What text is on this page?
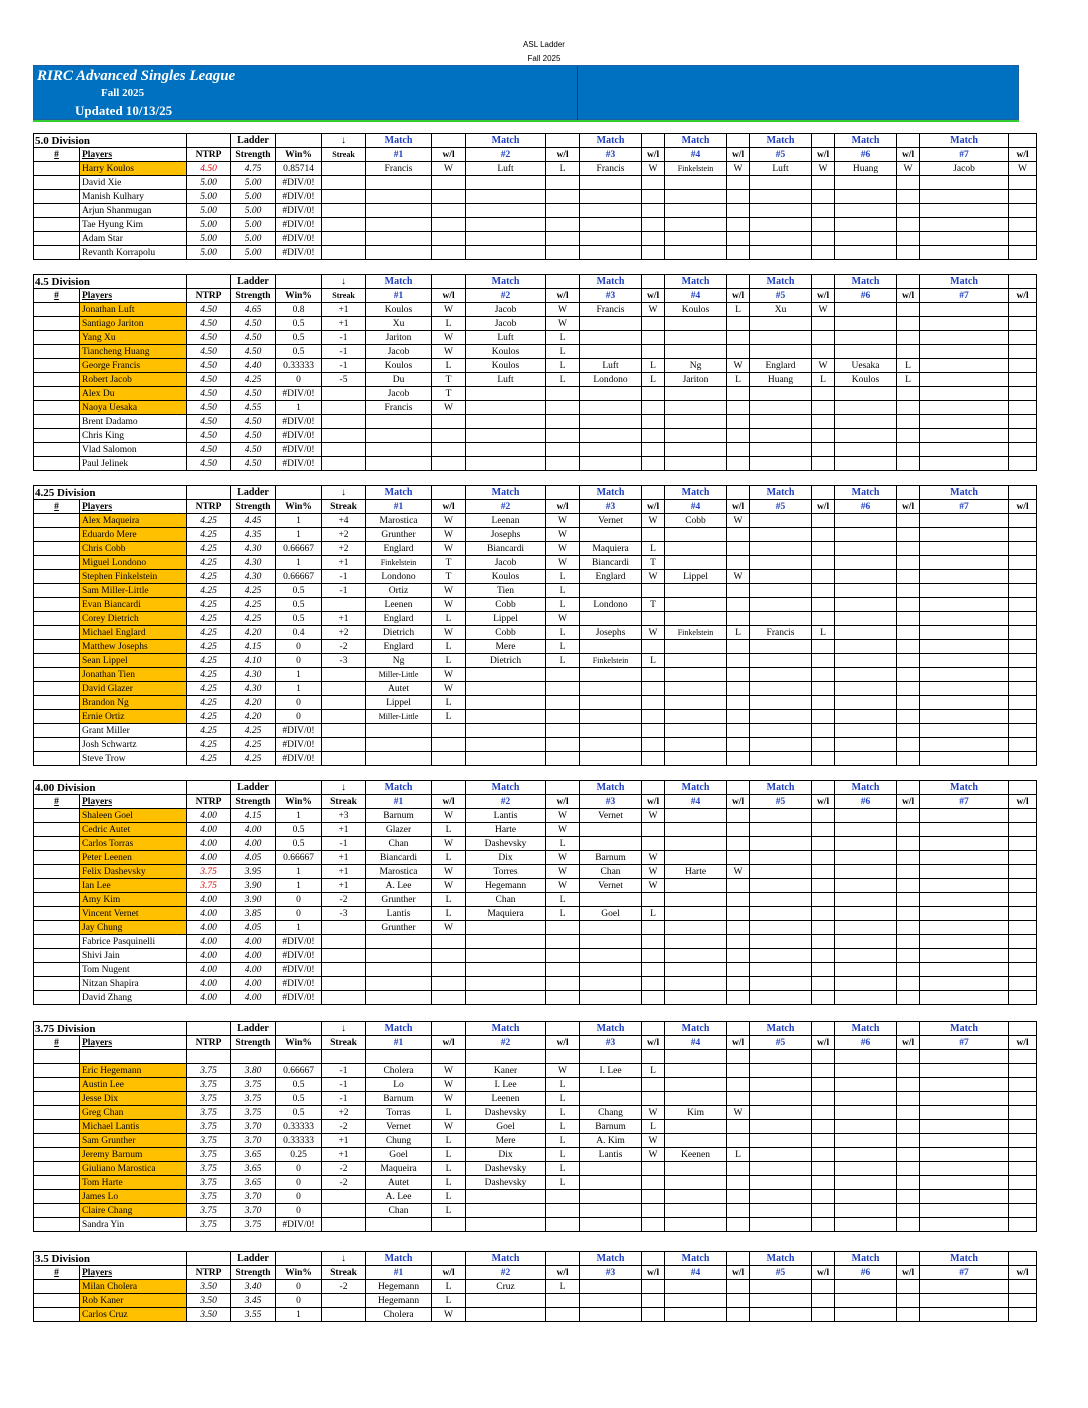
ASL Ladder
Fall 2025
RIRC Advanced Singles League
Fall 2025
Updated 10/13/25
5.0 Division			Ladder		↓	Match		Match		Match		Match		Match		Match		Match	
#	Players	NTRP	Strength	Win%	Streak	#1	w/l	#2	w/l	#3	w/l	#4	w/l	#5	w/l	#6	w/l	#7	w/l
	Harry Koulos	4.50	4.75	0.85714		Francis	W	Luft	L	Francis	W	Finkelstein	W	Luft	W	Huang	W	Jacob	W
	David Xie	5.00	5.00	#DIV/0!															
	Manish Kulhary	5.00	5.00	#DIV/0!															
	Arjun Shanmugan	5.00	5.00	#DIV/0!															
	Tae Hyung Kim	5.00	5.00	#DIV/0!															
	Adam Star	5.00	5.00	#DIV/0!															
	Revanth Korrapolu	5.00	5.00	#DIV/0!															
4.5 Division			Ladder		↓	Match		Match		Match		Match		Match		Match		Match	
#	Players	NTRP	Strength	Win%	Streak	#1	w/l	#2	w/l	#3	w/l	#4	w/l	#5	w/l	#6	w/l	#7	w/l
	Jonathan Luft	4.50	4.65	0.8	+1	Koulos	W	Jacob	W	Francis	W	Koulos	L	Xu	W				
	Santiago Jariton	4.50	4.50	0.5	+1	Xu	L	Jacob	W										
	Yang Xu	4.50	4.50	0.5	-1	Jariton	W	Luft	L										
	Tiancheng Huang	4.50	4.50	0.5	-1	Jacob	W	Koulos	L										
	George Francis	4.50	4.40	0.33333	-1	Koulos	L	Koulos	L	Luft	L	Ng	W	Englard	W	Uesaka	L		
	Robert Jacob	4.50	4.25	0	-5	Du	T	Luft	L	Londono	L	Jariton	L	Huang	L	Koulos	L		
	Alex Du	4.50	4.50	#DIV/0!		Jacob	T												
	Naoya Uesaka	4.50	4.55	1		Francis	W												
	Brent Dadamo	4.50	4.50	#DIV/0!															
	Chris King	4.50	4.50	#DIV/0!															
	Vlad Salomon	4.50	4.50	#DIV/0!															
	Paul Jelinek	4.50	4.50	#DIV/0!															
4.25 Division			Ladder		↓	Match		Match		Match		Match		Match		Match		Match	
#	Players	NTRP	Strength	Win%	Streak	#1	w/l	#2	w/l	#3	w/l	#4	w/l	#5	w/l	#6	w/l	#7	w/l
	Alex Maqueira	4.25	4.45	1	+4	Marostica	W	Leenan	W	Vernet	W	Cobb	W						
	Eduardo Mere	4.25	4.35	1	+2	Grunther	W	Josephs	W										
	Chris Cobb	4.25	4.30	0.66667	+2	Englard	W	Biancardi	W	Maquiera	L								
	Miguel Londono	4.25	4.30	1	+1	Finkelstein	T	Jacob	W	Biancardi	T								
	Stephen Finkelstein	4.25	4.30	0.66667	-1	Londono	T	Koulos	L	Englard	W	Lippel	W						
	Sam Miller-Little	4.25	4.25	0.5	-1	Ortiz	W	Tien	L										
	Evan Biancardi	4.25	4.25	0.5		Leenen	W	Cobb	L	Londono	T								
	Corey Dietrich	4.25	4.25	0.5	+1	Englard	L	Lippel	W										
	Michael Englard	4.25	4.20	0.4	+2	Dietrich	W	Cobb	L	Josephs	W	Finkelstein	L	Francis	L				
	Matthew Josephs	4.25	4.15	0	-2	Englard	L	Mere	L										
	Sean Lippel	4.25	4.10	0	-3	Ng	L	Dietrich	L	Finkelstein	L								
	Jonathan Tien	4.25	4.30	1		Miller-Little	W												
	David Glazer	4.25	4.30	1		Autet	W												
	Brandon Ng	4.25	4.20	0		Lippel	L												
	Ernie Ortiz	4.25	4.20	0		Miller-Little	L												
	Grant Miller	4.25	4.25	#DIV/0!															
	Josh Schwartz	4.25	4.25	#DIV/0!															
	Steve Trow	4.25	4.25	#DIV/0!															
4.00 Division			Ladder		↓	Match		Match		Match		Match		Match		Match		Match	
#	Players	NTRP	Strength	Win%	Streak	#1	w/l	#2	w/l	#3	w/l	#4	w/l	#5	w/l	#6	w/l	#7	w/l
	Shaleen Goel	4.00	4.15	1	+3	Barnum	W	Lantis	W	Vernet	W								
	Cedric Autet	4.00	4.00	0.5	+1	Glazer	L	Harte	W										
	Carlos Torras	4.00	4.00	0.5	-1	Chan	W	Dashevsky	L										
	Peter Leenen	4.00	4.05	0.66667	+1	Biancardi	L	Dix	W	Barnum	W								
	Felix Dashevsky	3.75	3.95	1	+1	Marostica	W	Torres	W	Chan	W	Harte	W						
	Ian Lee	3.75	3.90	1	+1	A. Lee	W	Hegemann	W	Vernet	W								
	Amy Kim	4.00	3.90	0	-2	Grunther	L	Chan	L										
	Vincent Vernet	4.00	3.85	0	-3	Lantis	L	Maquiera	L	Goel	L								
	Jay Chung	4.00	4.05	1		Grunther	W												
	Fabrice Pasquinelli	4.00	4.00	#DIV/0!															
	Shivi Jain	4.00	4.00	#DIV/0!															
	Tom Nugent	4.00	4.00	#DIV/0!															
	Nitzan Shapira	4.00	4.00	#DIV/0!															
	David Zhang	4.00	4.00	#DIV/0!															
3.75 Division			Ladder		↓	Match		Match		Match		Match		Match		Match		Match	
#	Players	NTRP	Strength	Win%	Streak	#1	w/l	#2	w/l	#3	w/l	#4	w/l	#5	w/l	#6	w/l	#7	w/l

	Eric Hegemann	3.75	3.80	0.66667	-1	Cholera	W	Kaner	W	I. Lee	L								
	Austin Lee	3.75	3.75	0.5	-1	Lo	W	I. Lee	L										
	Jesse Dix	3.75	3.75	0.5	-1	Barnum	W	Leenen	L										
	Greg Chan	3.75	3.75	0.5	+2	Torras	L	Dashevsky	L	Chang	W	Kim	W						
	Michael Lantis	3.75	3.70	0.33333	-2	Vernet	W	Goel	L	Barnum	L								
	Sam Grunther	3.75	3.70	0.33333	+1	Chung	L	Mere	L	A. Kim	W								
	Jeremy Barnum	3.75	3.65	0.25	+1	Goel	L	Dix	L	Lantis	W	Keenen	L						
	Giuliano Marostica	3.75	3.65	0	-2	Maqueira	L	Dashevsky	L										
	Tom Harte	3.75	3.65	0	-2	Autet	L	Dashevsky	L										
	James Lo	3.75	3.70	0		A. Lee	L												
	Claire Chang	3.75	3.70	0		Chan	L												
	Sandra Yin	3.75	3.75	#DIV/0!															
3.5 Division			Ladder		↓	Match		Match		Match		Match		Match		Match		Match	
#	Players	NTRP	Strength	Win%	Streak	#1	w/l	#2	w/l	#3	w/l	#4	w/l	#5	w/l	#6	w/l	#7	w/l
	Milan Cholera	3.50	3.40	0	-2	Hegemann	L	Cruz	L										
	Rob Kaner	3.50	3.45	0		Hegemann	L												
	Carlos Cruz	3.50	3.55	1		Cholera	W												
